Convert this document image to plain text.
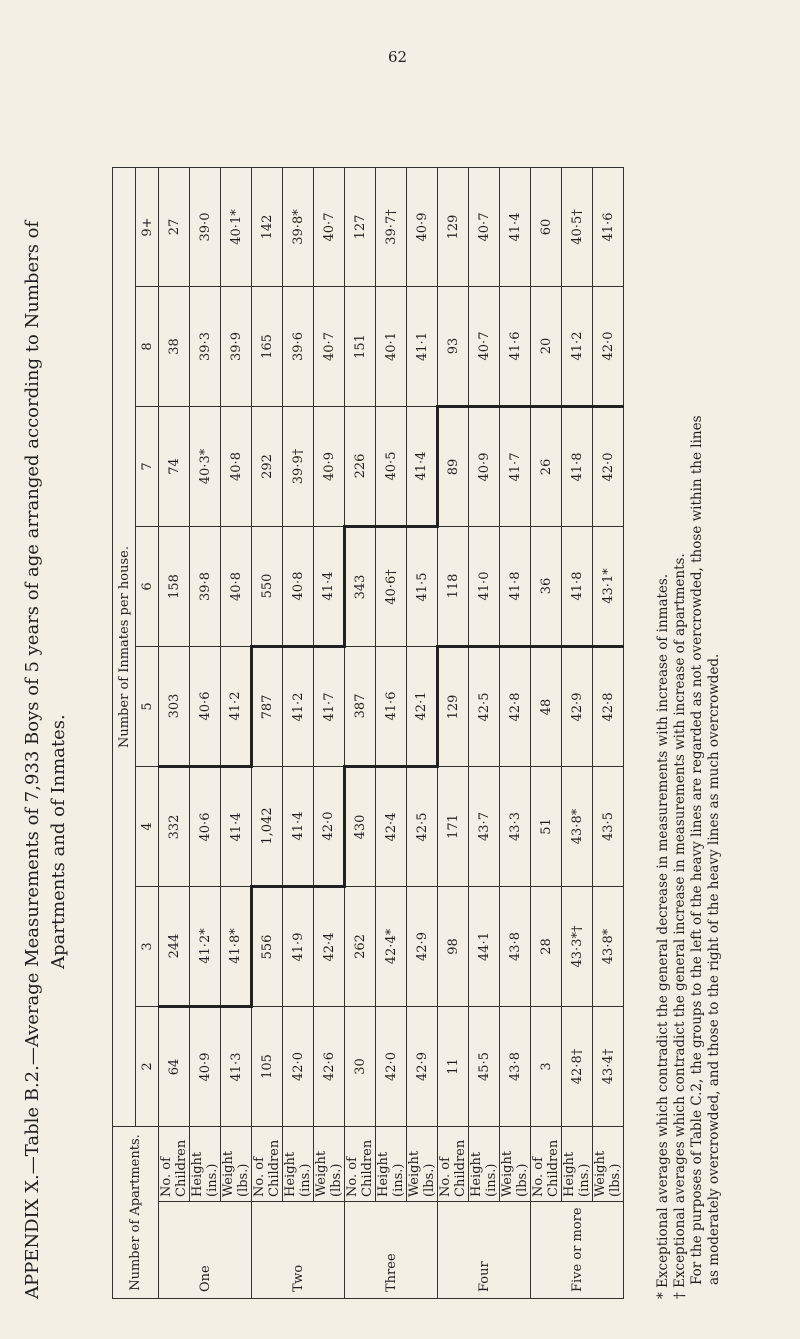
62
APPENDIX X.—Table B.2.—Average Measurements of 7,933 Boys of 5 years of age arranged according to Numbers of Apartments and of Inmates.
Number of Apartments.		Number of Inmates per house.							
		2	3	4	5	6	7	8	9+
One	No. of Children	64	244	332	303	158	74	38	27
	Height (ins.)	40·9	41·2*	40·6	40·6	39·8	40·3*	39·3	39·0
	Weight (lbs.)	41·3	41·8*	41·4	41·2	40·8	40·8	39·9	40·1*
Two	No. of Children	105	556	1,042	787	550	292	165	142
	Height (ins.)	42·0	41·9	41·4	41·2	40·8	39·9†	39·6	39·8*
	Weight (lbs.)	42·6	42·4	42·0	41·7	41·4	40·9	40·7	40·7
Three	No. of Children	30	262	430	387	343	226	151	127
	Height (ins.)	42·0	42·4*	42·4	41·6	40·6†	40·5	40·1	39·7†
	Weight (lbs.)	42·9	42·9	42·5	42·1	41·5	41·4	41·1	40·9
Four	No. of Children	11	98	171	129	118	89	93	129
	Height (ins.)	45·5	44·1	43·7	42·5	41·0	40·9	40·7	40·7
	Weight (lbs.)	43·8	43·8	43·3	42·8	41·8	41·7	41·6	41·4
Five or more	No. of Children	3	28	51	48	36	26	20	60
	Height (ins.)	42·8†	43·3*†	43·8*	42·9	41·8	41·8	41·2	40·5†
	Weight (lbs.)	43·4†	43·8*	43·5	42·8	43·1*	42·0	42·0	41·6
* Exceptional averages which contradict the general decrease in measurements with increase of inmates. † Exceptional averages which contradict the general increase in measurements with increase of apartments. For the purposes of Table C.2, the groups to the left of the heavy lines are regarded as not overcrowded, those within the lines as moderately overcrowded, and those to the right of the heavy lines as much overcrowded.
